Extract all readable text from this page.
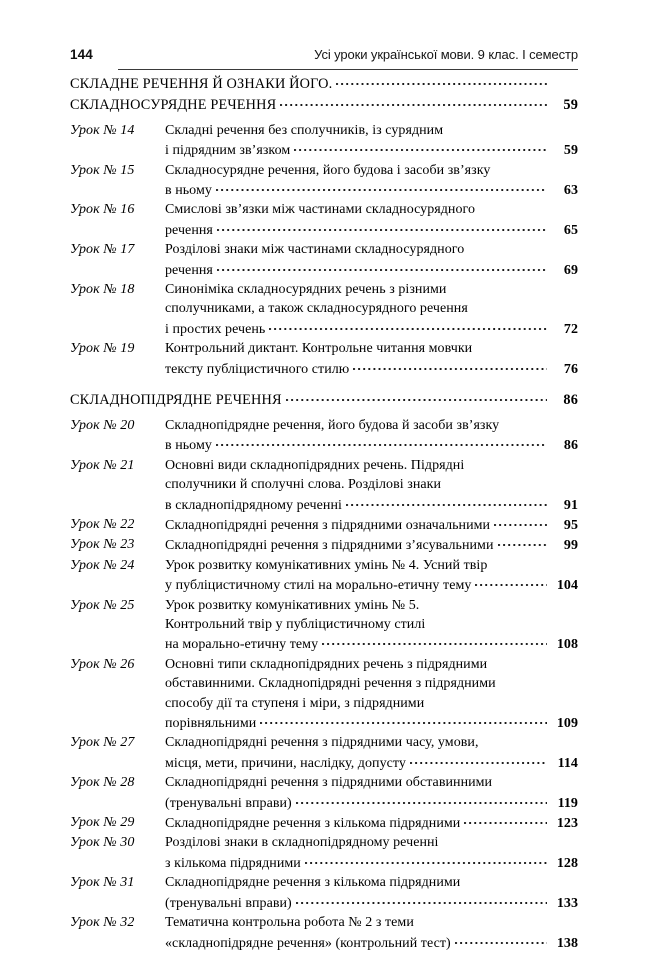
144	Усі уроки української мови. 9 клас. І семестр
СКЛАДНЕ РЕЧЕННЯ Й ОЗНАКИ ЙОГО.
СКЛАДНОСУРЯДНЕ РЕЧЕННЯ	59
Урок № 14	Складні речення без сполучників, із сурядним
і підрядним зв’язком	59
Урок № 15	Складносурядне речення, його будова і засоби зв’язку
в ньому	63
Урок № 16	Смислові зв’язки між частинами складносурядного
речення	65
Урок № 17	Розділові знаки між частинами складносурядного
речення	69
Урок № 18	Синоніміка складносурядних речень з різними
сполучниками, а також складносурядного речення
і простих речень	72
Урок № 19	Контрольний диктант. Контрольне читання мовчки
тексту публіцистичного стилю	76
СКЛАДНОПІДРЯДНЕ РЕЧЕННЯ	86
Урок № 20	Складнопідрядне речення, його будова й засоби зв’язку
в ньому	86
Урок № 21	Основні види складнопідрядних речень. Підрядні
сполучники й сполучні слова. Розділові знаки
в складнопідрядному реченні	91
Урок № 22	Складнопідрядні речення з підрядними означальними	95
Урок № 23	Складнопідрядні речення з підрядними з’ясувальними	99
Урок № 24	Урок розвитку комунікативних умінь № 4. Усний твір
у публіцистичному стилі на морально-етичну тему	104
Урок № 25	Урок розвитку комунікативних умінь № 5.
Контрольний твір у публіцистичному стилі
на морально-етичну тему	108
Урок № 26	Основні типи складнопідрядних речень з підрядними
обставинними. Складнопідрядні речення з підрядними
способу дії та ступеня і міри, з підрядними
порівняльними	109
Урок № 27	Складнопідрядні речення з підрядними часу, умови,
місця, мети, причини, наслідку, допусту	114
Урок № 28	Складнопідрядні речення з підрядними обставинними
(тренувальні вправи)	119
Урок № 29	Складнопідрядне речення з кількома підрядними	123
Урок № 30	Розділові знаки в складнопідрядному реченні
з кількома підрядними	128
Урок № 31	Складнопідрядне речення з кількома підрядними
(тренувальні вправи)	133
Урок № 32	Тематична контрольна робота № 2 з теми
«складнопідрядне речення» (контрольний тест)	138
